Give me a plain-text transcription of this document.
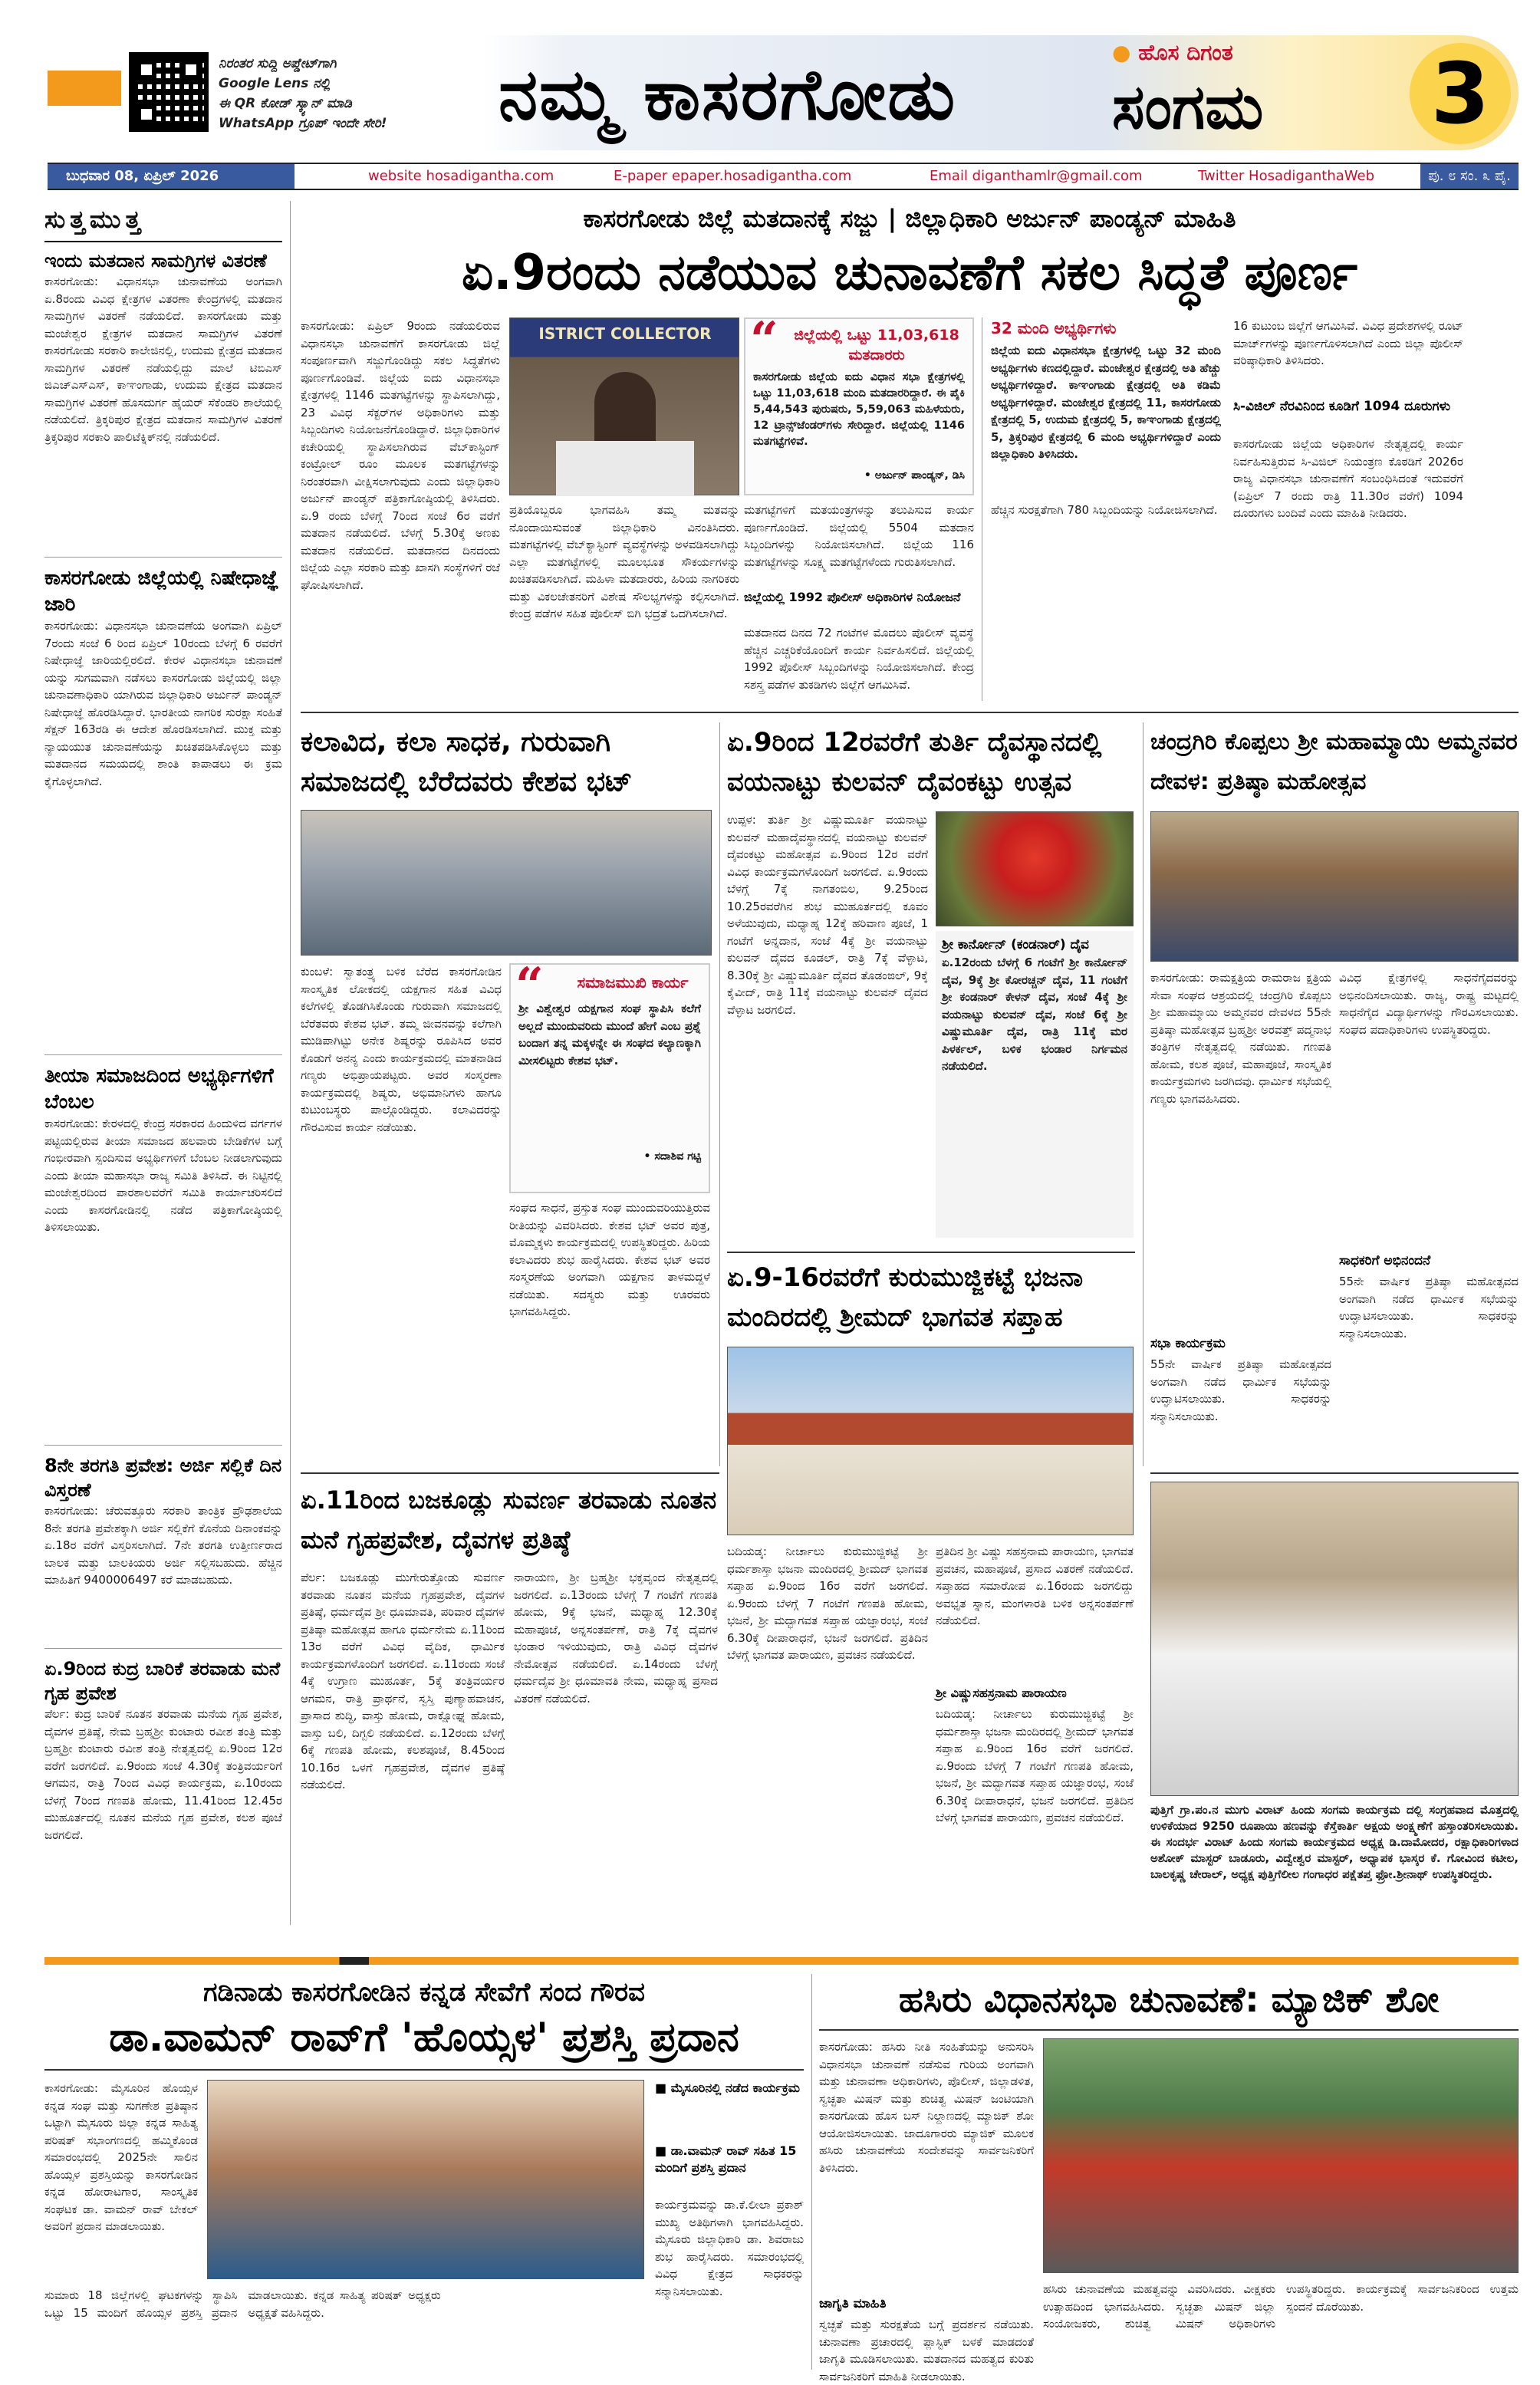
ನಿರಂತರ ಸುದ್ದಿ ಅಪ್ಡೇಟ್‌ಗಾಗಿ
Google Lens ನಲ್ಲಿ
ಈ QR ಕೋಡ್ ಸ್ಕ್ಯಾನ್ ಮಾಡಿ
WhatsApp ಗ್ರೂಪ್ ಇಂದೇ ಸೇರಿ!	ನಮ್ಮ ಕಾಸರಗೋಡು
● ಹೊಸ ದಿಗಂತ
ಸಂಗಮ 3
ಬುಧವಾರ 08, ಏಪ್ರಿಲ್ 2026	website hosadigantha.com	E-paper epaper.hosadigantha.com	Email diganthamlr@gmail.com	Twitter HosadiganthaWeb	ಪು. ೮ ಸಂ. ೩ ಪೈ.
ಸುತ್ತಮುತ್ತ
ಇಂದು ಮತದಾನ ಸಾಮಗ್ರಿಗಳ ವಿತರಣೆ
ಕಾಸರಗೋಡು: ವಿಧಾನಸಭಾ ಚುನಾವಣೆಯ ಅಂಗವಾಗಿ ಏ.8ರಂದು ವಿವಿಧ ಕ್ಷೇತ್ರಗಳ ವಿತರಣಾ ಕೇಂದ್ರಗಳಲ್ಲಿ ಮತದಾನ ಸಾಮಗ್ರಿಗಳ ವಿತರಣೆ ನಡೆಯಲಿದೆ. ಕಾಸರಗೋಡು ಮತ್ತು ಮಂಜೇಶ್ವರ ಕ್ಷೇತ್ರಗಳ ಮತದಾನ ಸಾಮಗ್ರಿಗಳ ವಿತರಣೆ ಕಾಸರಗೋಡು ಸರಕಾರಿ ಕಾಲೇಜಿನಲ್ಲಿ, ಉದುಮ ಕ್ಷೇತ್ರದ ಮತದಾನ ಸಾಮಗ್ರಿಗಳ ವಿತರಣೆ ನಡೆಯಲ್ಲಿದ್ದು ಮಾಲೆ ಟಿಬಿಎಸ್ ಜಿಎಚ್‌ಎಸ್‌ಎಸ್, ಕಾಞಂಗಾಡು, ಉದುಮ ಕ್ಷೇತ್ರದ ಮತದಾನ ಸಾಮಗ್ರಿಗಳ ವಿತರಣೆ ಹೊಸದುರ್ಗ ಹೈಯರ್ ಸೆಕೆಂಡರಿ ಶಾಲೆಯಲ್ಲಿ ನಡೆಯಲಿದೆ. ತ್ರಿಕ್ಕರಿಪುರ ಕ್ಷೇತ್ರದ ಮತದಾನ ಸಾಮಗ್ರಿಗಳ ವಿತರಣೆ ತ್ರಿಕ್ಕರಿಪುರ ಸರಕಾರಿ ಪಾಲಿಟೆಕ್ನಿಕ್‌ನಲ್ಲಿ ನಡೆಯಲಿದೆ.
ಕಾಸರಗೋಡು ಜಿಲ್ಲೆಯಲ್ಲಿ ನಿಷೇಧಾಜ್ಞೆ ಜಾರಿ
ಕಾಸರಗೋಡು: ವಿಧಾನಸಭಾ ಚುನಾವಣೆಯ ಅಂಗವಾಗಿ ಏಪ್ರಿಲ್ 7ರಂದು ಸಂಜೆ 6 ರಿಂದ ಏಪ್ರಿಲ್ 10ರಂದು ಬೆಳಗ್ಗೆ 6 ರವರೆಗೆ ನಿಷೇಧಾಜ್ಞೆ ಜಾರಿಯಲ್ಲಿರಲಿದೆ. ಕೇರಳ ವಿಧಾನಸಭಾ ಚುನಾವಣೆ ಯನ್ನು ಸುಗಮವಾಗಿ ನಡೆಸಲು ಕಾಸರಗೋಡು ಜಿಲ್ಲೆಯಲ್ಲಿ ಜಿಲ್ಲಾ ಚುನಾವಣಾಧಿಕಾರಿ ಯಾಗಿರುವ ಜಿಲ್ಲಾಧಿಕಾರಿ ಅರ್ಜುನ್ ಪಾಂಡ್ಯನ್ ನಿಷೇಧಾಜ್ಞೆ ಹೊರಡಿಸಿದ್ದಾರೆ. ಭಾರತೀಯ ನಾಗರಿಕ ಸುರಕ್ಷಾ ಸಂಹಿತೆ ಸೆಕ್ಷನ್ 163ರಡಿ ಈ ಆದೇಶ ಹೊರಡಿಸಲಾಗಿದೆ. ಮುಕ್ತ ಮತ್ತು ನ್ಯಾಯಯುತ ಚುನಾವಣೆಯನ್ನು ಖಚಿತಪಡಿಸಿಕೊಳ್ಳಲು ಮತ್ತು ಮತದಾನದ ಸಮಯದಲ್ಲಿ ಶಾಂತಿ ಕಾಪಾಡಲು ಈ ಕ್ರಮ ಕೈಗೊಳ್ಳಲಾಗಿದೆ.
ತೀಯಾ ಸಮಾಜದಿಂದ ಅಭ್ಯರ್ಥಿಗಳಿಗೆ ಬೆಂಬಲ
ಕಾಸರಗೋಡು: ಕೇರಳದಲ್ಲಿ ಕೇಂದ್ರ ಸರಕಾರದ ಹಿಂದುಳಿದ ವರ್ಗಗಳ ಪಟ್ಟಿಯಲ್ಲಿರುವ ತೀಯಾ ಸಮಾಜದ ಹಲವಾರು ಬೇಡಿಕೆಗಳ ಬಗ್ಗೆ ಗಂಭೀರವಾಗಿ ಸ್ಪಂದಿಸುವ ಅಭ್ಯರ್ಥಿಗಳಿಗೆ ಬೆಂಬಲ ನೀಡಲಾಗುವುದು ಎಂದು ತೀಯಾ ಮಹಾಸಭಾ ರಾಜ್ಯ ಸಮಿತಿ ತಿಳಿಸಿದೆ. ಈ ನಿಟ್ಟಿನಲ್ಲಿ ಮಂಜೇಶ್ವರದಿಂದ ಪಾರಶಾಲವರೆಗೆ ಸಮಿತಿ ಕಾರ್ಯಾಚರಿಸಲಿದೆ ಎಂದು ಕಾಸರಗೋಡಿನಲ್ಲಿ ನಡೆದ ಪತ್ರಿಕಾಗೋಷ್ಠಿಯಲ್ಲಿ ತಿಳಿಸಲಾಯಿತು.
8ನೇ ತರಗತಿ ಪ್ರವೇಶ: ಅರ್ಜಿ ಸಲ್ಲಿಕೆ ದಿನ ವಿಸ್ತರಣೆ
ಕಾಸರಗೋಡು: ಚೆರುವತ್ತೂರು ಸರಕಾರಿ ತಾಂತ್ರಿಕ ಪ್ರೌಢಶಾಲೆಯ 8ನೇ ತರಗತಿ ಪ್ರವೇಶಕ್ಕಾಗಿ ಅರ್ಜಿ ಸಲ್ಲಿಕೆಗೆ ಕೊನೆಯ ದಿನಾಂಕವನ್ನು ಏ.18ರ ವರೆಗೆ ವಿಸ್ತರಿಸಲಾಗಿದೆ. 7ನೇ ತರಗತಿ ಉತ್ತೀರ್ಣರಾದ ಬಾಲಕ ಮತ್ತು ಬಾಲಕಿಯರು ಅರ್ಜಿ ಸಲ್ಲಿಸಬಹುದು. ಹೆಚ್ಚಿನ ಮಾಹಿತಿಗೆ 9400006497 ಕರೆ ಮಾಡಬಹುದು.
ಏ.9ರಿಂದ ಕುದ್ರ ಬಾರಿಕೆ ತರವಾಡು ಮನೆ ಗೃಹ ಪ್ರವೇಶ
ಪೆರ್ಲ: ಕುದ್ರ ಬಾರಿಕೆ ನೂತನ ತರವಾಡು ಮನೆಯ ಗೃಹ ಪ್ರವೇಶ, ದೈವಗಳ ಪ್ರತಿಷ್ಠೆ, ನೇಮ ಬ್ರಹ್ಮಶ್ರೀ ಕುಂಟಾರು ರವೀಶ ತಂತ್ರಿ ಮತ್ತು ಬ್ರಹ್ಮಶ್ರೀ ಕುಂಟಾರು ರವೀಶ ತಂತ್ರಿ ನೇತೃತ್ವದಲ್ಲಿ ಏ.9ರಿಂದ 12ರ ವರೆಗೆ ಜರಗಲಿದೆ. ಏ.9ರಂದು ಸಂಜೆ 4.30ಕ್ಕೆ ತಂತ್ರಿವರ್ಯರಿಗೆ ಆಗಮನ, ರಾತ್ರಿ 7ರಿಂದ ವಿವಿಧ ಕಾರ್ಯಕ್ರಮ, ಏ.10ರಂದು ಬೆಳಗ್ಗೆ 7ರಿಂದ ಗಣಪತಿ ಹೋಮ, 11.41ರಿಂದ 12.45ರ ಮುಹೂರ್ತದಲ್ಲಿ ನೂತನ ಮನೆಯ ಗೃಹ ಪ್ರವೇಶ, ಕಲಶ ಪೂಜೆ ಜರಗಲಿದೆ.
ಕಾಸರಗೋಡು ಜಿಲ್ಲೆ ಮತದಾನಕ್ಕೆ ಸಜ್ಜು | ಜಿಲ್ಲಾಧಿಕಾರಿ ಅರ್ಜುನ್ ಪಾಂಡ್ಯನ್ ಮಾಹಿತಿ
ಏ.9ರಂದು ನಡೆಯುವ ಚುನಾವಣೆಗೆ ಸಕಲ ಸಿದ್ಧತೆ ಪೂರ್ಣ
ಕಾಸರಗೋಡು: ಏಪ್ರಿಲ್ 9ರಂದು ನಡೆಯಲಿರುವ ವಿಧಾನಸಭಾ ಚುನಾವಣೆಗೆ ಕಾಸರಗೋಡು ಜಿಲ್ಲೆ ಸಂಪೂರ್ಣವಾಗಿ ಸಜ್ಜುಗೊಂಡಿದ್ದು ಸಕಲ ಸಿದ್ಧತೆಗಳು ಪೂರ್ಣಗೊಂಡಿವೆ. ಜಿಲ್ಲೆಯ ಐದು ವಿಧಾನಸಭಾ ಕ್ಷೇತ್ರಗಳಲ್ಲಿ 1146 ಮತಗಟ್ಟೆಗಳನ್ನು ಸ್ಥಾಪಿಸಲಾಗಿದ್ದು, 23 ವಿವಿಧ ಸೆಕ್ಟರ್‌ಗಳ ಅಧಿಕಾರಿಗಳು ಮತ್ತು ಸಿಬ್ಬಂದಿಗಳು ನಿಯೋಜನೆಗೊಂಡಿದ್ದಾರೆ. ಜಿಲ್ಲಾಧಿಕಾರಿಗಳ ಕಚೇರಿಯಲ್ಲಿ ಸ್ಥಾಪಿಸಲಾಗಿರುವ ವೆಬ್‌ಕಾಸ್ಟಿಂಗ್ ಕಂಟ್ರೋಲ್ ರೂಂ ಮೂಲಕ ಮತಗಟ್ಟೆಗಳನ್ನು ನಿರಂತರವಾಗಿ ವೀಕ್ಷಿಸಲಾಗುವುದು ಎಂದು ಜಿಲ್ಲಾಧಿಕಾರಿ ಅರ್ಜುನ್ ಪಾಂಡ್ಯನ್ ಪತ್ರಿಕಾಗೋಷ್ಠಿಯಲ್ಲಿ ತಿಳಿಸಿದರು. ಏ.9 ರಂದು ಬೆಳಗ್ಗೆ 7ರಿಂದ ಸಂಜೆ 6ರ ವರೆಗೆ ಮತದಾನ ನಡೆಯಲಿದೆ. ಬೆಳಗ್ಗೆ 5.30ಕ್ಕೆ ಅಣಕು ಮತದಾನ ನಡೆಯಲಿದೆ. ಮತದಾನದ ದಿನದಂದು ಜಿಲ್ಲೆಯ ಎಲ್ಲಾ ಸರಕಾರಿ ಮತ್ತು ಖಾಸಗಿ ಸಂಸ್ಥೆಗಳಿಗೆ ರಜೆ ಘೋಷಿಸಲಾಗಿದೆ.
ISTRICT COLLECTOR “	ಜಿಲ್ಲೆಯಲ್ಲಿ ಒಟ್ಟು 11,03,618 ಮತದಾರರು
ಕಾಸರಗೋಡು ಜಿಲ್ಲೆಯ ಐದು ವಿಧಾನ ಸಭಾ ಕ್ಷೇತ್ರಗಳಲ್ಲಿ ಒಟ್ಟು 11,03,618 ಮಂದಿ ಮತದಾರರಿದ್ದಾರೆ. ಈ ಪೈಕಿ 5,44,543 ಪುರುಷರು, 5,59,063 ಮಹಿಳೆಯರು, 12 ಟ್ರಾನ್ಸ್‌ಜೆಂಡರ್‌ಗಳು ಸೇರಿದ್ದಾರೆ. ಜಿಲ್ಲೆಯಲ್ಲಿ 1146 ಮತಗಟ್ಟೆಗಳಿವೆ.
• ಅರ್ಜುನ್ ಪಾಂಡ್ಯನ್, ಡಿಸಿ
ಪ್ರತಿಯೊಬ್ಬರೂ ಭಾಗವಹಿಸಿ ತಮ್ಮ ಮತವನ್ನು ನೊಂದಾಯಿಸುವಂತೆ ಜಿಲ್ಲಾಧಿಕಾರಿ ವಿನಂತಿಸಿದರು. ಮತಗಟ್ಟೆಗಳಲ್ಲಿ ವೆಬ್‌ಕ್ಯಾಸ್ಟಿಂಗ್ ವ್ಯವಸ್ಥೆಗಳನ್ನು ಅಳವಡಿಸಲಾಗಿದ್ದು ಎಲ್ಲಾ ಮತಗಟ್ಟೆಗಳಲ್ಲಿ ಮೂಲಭೂತ ಸೌಕರ್ಯಗಳನ್ನು ಖಚಿತಪಡಿಸಲಾಗಿದೆ. ಮಹಿಳಾ ಮತದಾರರು, ಹಿರಿಯ ನಾಗರಿಕರು ಮತ್ತು ವಿಕಲಚೇತನರಿಗೆ ವಿಶೇಷ ಸೌಲಭ್ಯಗಳನ್ನು ಕಲ್ಪಿಸಲಾಗಿದೆ. ಕೇಂದ್ರ ಪಡೆಗಳ ಸಹಿತ ಪೊಲೀಸ್ ಬಿಗಿ ಭದ್ರತೆ ಒದಗಿಸಲಾಗಿದೆ.
ಮತಗಟ್ಟೆಗಳಿಗೆ ಮತಯಂತ್ರಗಳನ್ನು ತಲುಪಿಸುವ ಕಾರ್ಯ ಪೂರ್ಣಗೊಂಡಿದೆ. ಜಿಲ್ಲೆಯಲ್ಲಿ 5504 ಮತದಾನ ಸಿಬ್ಬಂದಿಗಳನ್ನು ನಿಯೋಜಿಸಲಾಗಿದೆ. ಜಿಲ್ಲೆಯ 116 ಮತಗಟ್ಟೆಗಳನ್ನು ಸೂಕ್ಷ್ಮ ಮತಗಟ್ಟೆಗಳೆಂದು ಗುರುತಿಸಲಾಗಿದೆ.
ಜಿಲ್ಲೆಯಲ್ಲಿ 1992 ಪೊಲೀಸ್ ಅಧಿಕಾರಿಗಳ ನಿಯೋಜನೆ
ಮತದಾನದ ದಿನದ 72 ಗಂಟೆಗಳ ಮೊದಲು ಪೊಲೀಸ್ ವ್ಯವಸ್ಥೆ ಹೆಚ್ಚಿನ ಎಚ್ಚರಿಕೆಯೊಂದಿಗೆ ಕಾರ್ಯ ನಿರ್ವಹಿಸಲಿದೆ. ಜಿಲ್ಲೆಯಲ್ಲಿ 1992 ಪೊಲೀಸ್ ಸಿಬ್ಬಂದಿಗಳನ್ನು ನಿಯೋಜಿಸಲಾಗಿದೆ. ಕೇಂದ್ರ ಸಶಸ್ತ್ರ ಪಡೆಗಳ ತುಕಡಿಗಳು ಜಿಲ್ಲೆಗೆ ಆಗಮಿಸಿವೆ.
32 ಮಂದಿ ಅಭ್ಯರ್ಥಿಗಳು
ಜಿಲ್ಲೆಯ ಐದು ವಿಧಾನಸಭಾ ಕ್ಷೇತ್ರಗಳಲ್ಲಿ ಒಟ್ಟು 32 ಮಂದಿ ಅಭ್ಯರ್ಥಿಗಳು ಕಣದಲ್ಲಿದ್ದಾರೆ. ಮಂಜೇಶ್ವರ ಕ್ಷೇತ್ರದಲ್ಲಿ ಅತಿ ಹೆಚ್ಚು ಅಭ್ಯರ್ಥಿಗಳಿದ್ದಾರೆ. ಕಾಞಂಗಾಡು ಕ್ಷೇತ್ರದಲ್ಲಿ ಅತಿ ಕಡಿಮೆ ಅಭ್ಯರ್ಥಿಗಳಿದ್ದಾರೆ. ಮಂಜೇಶ್ವರ ಕ್ಷೇತ್ರದಲ್ಲಿ 11, ಕಾಸರಗೋಡು ಕ್ಷೇತ್ರದಲ್ಲಿ 5, ಉದುಮ ಕ್ಷೇತ್ರದಲ್ಲಿ 5, ಕಾಞಂಗಾಡು ಕ್ಷೇತ್ರದಲ್ಲಿ 5, ತ್ರಿಕ್ಕರಿಪುರ ಕ್ಷೇತ್ರದಲ್ಲಿ 6 ಮಂದಿ ಅಭ್ಯರ್ಥಿಗಳಿದ್ದಾರೆ ಎಂದು ಜಿಲ್ಲಾಧಿಕಾರಿ ತಿಳಿಸಿದರು.
ಹೆಚ್ಚಿನ ಸುರಕ್ಷತೆಗಾಗಿ 780 ಸಿಬ್ಬಂದಿಯನ್ನು ನಿಯೋಜಿಸಲಾಗಿದೆ.
16 ಕುಟುಂಬ ಜಿಲ್ಲೆಗೆ ಆಗಮಿಸಿವೆ. ವಿವಿಧ ಪ್ರದೇಶಗಳಲ್ಲಿ ರೂಟ್ ಮಾರ್ಚ್‌ಗಳನ್ನು ಪೂರ್ಣಗೊಳಿಸಲಾಗಿದೆ ಎಂದು ಜಿಲ್ಲಾ ಪೊಲೀಸ್ ವರಿಷ್ಠಾಧಿಕಾರಿ ತಿಳಿಸಿದರು.
ಸಿ-ವಿಜಿಲ್ ನೆರವಿನಿಂದ ಕೂಡಿಗೆ 1094 ದೂರುಗಳು
ಕಾಸರಗೋಡು ಜಿಲ್ಲೆಯ ಅಧಿಕಾರಿಗಳ ನೇತೃತ್ವದಲ್ಲಿ ಕಾರ್ಯ ನಿರ್ವಹಿಸುತ್ತಿರುವ ಸಿ-ವಿಜಿಲ್ ನಿಯಂತ್ರಣ ಕೊಠಡಿಗೆ 2026ರ ರಾಜ್ಯ ವಿಧಾನಸಭಾ ಚುನಾವಣೆಗೆ ಸಂಬಂಧಿಸಿದಂತೆ ಇದುವರೆಗೆ (ಏಪ್ರಿಲ್ 7 ರಂದು ರಾತ್ರಿ 11.30ರ ವರೆಗೆ) 1094 ದೂರುಗಳು ಬಂದಿವೆ ಎಂದು ಮಾಹಿತಿ ನೀಡಿದರು.
ಕಲಾವಿದ, ಕಲಾ ಸಾಧಕ, ಗುರುವಾಗಿ ಸಮಾಜದಲ್ಲಿ ಬೆರೆದವರು ಕೇಶವ ಭಟ್
ಕುಂಬಳೆ: ಸ್ವಾತಂತ್ರ್ಯ ಬಳಿಕ ಬೆರೆದ ಕಾಸರಗೋಡಿನ ಸಾಂಸ್ಕೃತಿಕ ಲೋಕದಲ್ಲಿ ಯಕ್ಷಗಾನ ಸಹಿತ ವಿವಿಧ ಕಲೆಗಳಲ್ಲಿ ತೊಡಗಿಸಿಕೊಂಡು ಗುರುವಾಗಿ ಸಮಾಜದಲ್ಲಿ ಬೆರೆತವರು ಕೇಶವ ಭಟ್. ತಮ್ಮ ಜೀವನವನ್ನು ಕಲೆಗಾಗಿ ಮುಡಿಪಾಗಿಟ್ಟು ಅನೇಕ ಶಿಷ್ಯರನ್ನು ರೂಪಿಸಿದ ಅವರ ಕೊಡುಗೆ ಅನನ್ಯ ಎಂದು ಕಾರ್ಯಕ್ರಮದಲ್ಲಿ ಮಾತನಾಡಿದ ಗಣ್ಯರು ಅಭಿಪ್ರಾಯಪಟ್ಟರು. ಅವರ ಸಂಸ್ಮರಣಾ ಕಾರ್ಯಕ್ರಮದಲ್ಲಿ ಶಿಷ್ಯರು, ಅಭಿಮಾನಿಗಳು ಹಾಗೂ ಕುಟುಂಬಸ್ಥರು ಪಾಲ್ಗೊಂಡಿದ್ದರು. ಕಲಾವಿದರನ್ನು ಗೌರವಿಸುವ ಕಾರ್ಯ ನಡೆಯಿತು.
“	ಸಮಾಜಮುಖಿ ಕಾರ್ಯ
ಶ್ರೀ ವಿಶ್ವೇಶ್ವರ ಯಕ್ಷಗಾನ ಸಂಘ ಸ್ಥಾಪಿಸಿ ಕಲೆಗೆ ಅಲ್ಲದೆ ಮುಂದುವರಿದು ಮುಂದೆ ಹೇಗೆ ಎಂಬ ಪ್ರಶ್ನೆ ಬಂದಾಗ ತನ್ನ ಮಕ್ಕಳನ್ನೇ ಈ ಸಂಘದ ಕಲ್ಯಾಣಕ್ಕಾಗಿ ಮೀಸಲಿಟ್ಟರು ಕೇಶವ ಭಟ್.
• ಸದಾಶಿವ ಗಟ್ಟಿ
ಸಂಘದ ಸಾಧನೆ, ಪ್ರಸ್ತುತ ಸಂಘ ಮುಂದುವರಿಯುತ್ತಿರುವ ರೀತಿಯನ್ನು ವಿವರಿಸಿದರು. ಕೇಶವ ಭಟ್ ಅವರ ಪುತ್ರ, ಮೊಮ್ಮಕ್ಕಳು ಕಾರ್ಯಕ್ರಮದಲ್ಲಿ ಉಪಸ್ಥಿತರಿದ್ದರು. ಹಿರಿಯ ಕಲಾವಿದರು ಶುಭ ಹಾರೈಸಿದರು. ಕೇಶವ ಭಟ್ ಅವರ ಸಂಸ್ಮರಣೆಯ ಅಂಗವಾಗಿ ಯಕ್ಷಗಾನ ತಾಳಮದ್ದಳೆ ನಡೆಯಿತು. ಸದಸ್ಯರು ಮತ್ತು ಊರವರು ಭಾಗವಹಿಸಿದ್ದರು.
ಏ.9ರಿಂದ 12ರವರೆಗೆ ತುರ್ತಿ ದೈವಸ್ಥಾನದಲ್ಲಿ ವಯನಾಟ್ಟು ಕುಲವನ್ ದೈವಂಕಟ್ಟು ಉತ್ಸವ
ಉಪ್ಪಳ: ತುರ್ತಿ ಶ್ರೀ ವಿಷ್ಣುಮೂರ್ತಿ ವಯನಾಟ್ಟು ಕುಲವನ್ ಮಹಾದೈವಸ್ಥಾನದಲ್ಲಿ ವಯನಾಟ್ಟು ಕುಲವನ್ ದೈವಂಕಟ್ಟು ಮಹೋತ್ಸವ ಏ.9ರಿಂದ 12ರ ವರೆಗೆ ವಿವಿಧ ಕಾರ್ಯಕ್ರಮಗಳೊಂದಿಗೆ ಜರಗಲಿದೆ. ಏ.9ರಂದು ಬೆಳಗ್ಗೆ 7ಕ್ಕೆ ನಾಗತಂಬಿಲ, 9.25ರಿಂದ 10.25ರವರೆಗಿನ ಶುಭ ಮುಹೂರ್ತದಲ್ಲಿ ಕೂವಂ ಅಳೆಯುವುದು, ಮಧ್ಯಾಹ್ನ 12ಕ್ಕೆ ಹರಿವಾಣ ಪೂಜೆ, 1 ಗಂಟೆಗೆ ಅನ್ನದಾನ, ಸಂಜೆ 4ಕ್ಕೆ ಶ್ರೀ ವಯನಾಟ್ಟು ಕುಲವನ್ ದೈವದ ಕೂಡಲ್, ರಾತ್ರಿ 7ಕ್ಕೆ ವೆಳ್ಳಾಟ, 8.30ಕ್ಕೆ ಶ್ರೀ ವಿಷ್ಣುಮೂರ್ತಿ ದೈವದ ತೊಡಂಙಲ್, 9ಕ್ಕೆ ಕೈವೀದ್, ರಾತ್ರಿ 11ಕ್ಕೆ ವಯನಾಟ್ಟು ಕುಲವನ್ ದೈವದ ವೆಳ್ಳಾಟ ಜರಗಲಿದೆ.
ಶ್ರೀ ಕಾರ್ನೋನ್ (ಕಂಡನಾರ್) ದೈವ
ಏ.12ರಂದು ಬೆಳಗ್ಗೆ 6 ಗಂಟೆಗೆ ಶ್ರೀ ಕಾರ್ನೋನ್ ದೈವ, 9ಕ್ಕೆ ಶ್ರೀ ಕೋರಚ್ಚನ್ ದೈವ, 11 ಗಂಟೆಗೆ ಶ್ರೀ ಕಂಡನಾರ್ ಕೇಳನ್ ದೈವ, ಸಂಜೆ 4ಕ್ಕೆ ಶ್ರೀ ವಯನಾಟ್ಟು ಕುಲವನ್ ದೈವ, ಸಂಜೆ 6ಕ್ಕೆ ಶ್ರೀ ವಿಷ್ಣುಮೂರ್ತಿ ದೈವ, ರಾತ್ರಿ 11ಕ್ಕೆ ಮರ ಪಿಳರ್ಕಲ್, ಬಳಿಕ ಭಂಡಾರ ನಿರ್ಗಮನ ನಡೆಯಲಿದೆ.
ಏ.9-16ರವರೆಗೆ ಕುರುಮುಜ್ಜಿಕಟ್ಟೆ ಭಜನಾ ಮಂದಿರದಲ್ಲಿ ಶ್ರೀಮದ್ ಭಾಗವತ ಸಪ್ತಾಹ
ಬದಿಯಡ್ಕ: ನೀರ್ಚಾಲು ಕುರುಮುಜ್ಜಿಕಟ್ಟೆ ಶ್ರೀ ಧರ್ಮಶಾಸ್ತಾ ಭಜನಾ ಮಂದಿರದಲ್ಲಿ ಶ್ರೀಮದ್ ಭಾಗವತ ಸಪ್ತಾಹ ಏ.9ರಿಂದ 16ರ ವರೆಗೆ ಜರಗಲಿದೆ. ಏ.9ರಂದು ಬೆಳಗ್ಗೆ 7 ಗಂಟೆಗೆ ಗಣಪತಿ ಹೋಮ, ಭಜನೆ, ಶ್ರೀ ಮದ್ಭಾಗವತ ಸಪ್ತಾಹ ಯಜ್ಞಾರಂಭ, ಸಂಜೆ 6.30ಕ್ಕೆ ದೀಪಾರಾಧನೆ, ಭಜನೆ ಜರಗಲಿದೆ. ಪ್ರತಿದಿನ ಬೆಳಗ್ಗೆ ಭಾಗವತ ಪಾರಾಯಣ, ಪ್ರವಚನ ನಡೆಯಲಿದೆ.
ಪ್ರತಿದಿನ ಶ್ರೀ ವಿಷ್ಣು ಸಹಸ್ರನಾಮ ಪಾರಾಯಣ, ಭಾಗವತ ಪ್ರವಚನ, ಮಹಾಪೂಜೆ, ಪ್ರಸಾದ ವಿತರಣೆ ನಡೆಯಲಿದೆ. ಸಪ್ತಾಹದ ಸಮಾರೋಪ ಏ.16ರಂದು ಜರಗಲಿದ್ದು ಅವಭೃತ ಸ್ನಾನ, ಮಂಗಳಾರತಿ ಬಳಿಕ ಅನ್ನಸಂತರ್ಪಣೆ ನಡೆಯಲಿದೆ.
ಶ್ರೀ ವಿಷ್ಣುಸಹಸ್ರನಾಮ ಪಾರಾಯಣ
ಬದಿಯಡ್ಕ: ನೀರ್ಚಾಲು ಕುರುಮುಜ್ಜಿಕಟ್ಟೆ ಶ್ರೀ ಧರ್ಮಶಾಸ್ತಾ ಭಜನಾ ಮಂದಿರದಲ್ಲಿ ಶ್ರೀಮದ್ ಭಾಗವತ ಸಪ್ತಾಹ ಏ.9ರಿಂದ 16ರ ವರೆಗೆ ಜರಗಲಿದೆ. ಏ.9ರಂದು ಬೆಳಗ್ಗೆ 7 ಗಂಟೆಗೆ ಗಣಪತಿ ಹೋಮ, ಭಜನೆ, ಶ್ರೀ ಮದ್ಭಾಗವತ ಸಪ್ತಾಹ ಯಜ್ಞಾರಂಭ, ಸಂಜೆ 6.30ಕ್ಕೆ ದೀಪಾರಾಧನೆ, ಭಜನೆ ಜರಗಲಿದೆ. ಪ್ರತಿದಿನ ಬೆಳಗ್ಗೆ ಭಾಗವತ ಪಾರಾಯಣ, ಪ್ರವಚನ ನಡೆಯಲಿದೆ.
ಚಂದ್ರಗಿರಿ ಕೊಪ್ಪಲು ಶ್ರೀ ಮಹಾಮ್ಮಾಯಿ ಅಮ್ಮನವರ ದೇವಳ: ಪ್ರತಿಷ್ಠಾ ಮಹೋತ್ಸವ
ಕಾಸರಗೋಡು: ರಾಮಕ್ಷತ್ರಿಯ ರಾಮರಾಜ ಕ್ಷತ್ರಿಯ ಸೇವಾ ಸಂಘದ ಆಶ್ರಯದಲ್ಲಿ ಚಂದ್ರಗಿರಿ ಕೊಪ್ಪಲು ಶ್ರೀ ಮಹಾಮ್ಮಾಯಿ ಅಮ್ಮನವರ ದೇವಳದ 55ನೇ ಪ್ರತಿಷ್ಠಾ ಮಹೋತ್ಸವ ಬ್ರಹ್ಮಶ್ರೀ ಅರವತ್ತ್ ಪದ್ಮನಾಭ ತಂತ್ರಿಗಳ ನೇತೃತ್ವದಲ್ಲಿ ನಡೆಯಿತು. ಗಣಪತಿ ಹೋಮ, ಕಲಶ ಪೂಜೆ, ಮಹಾಪೂಜೆ, ಸಾಂಸ್ಕೃತಿಕ ಕಾರ್ಯಕ್ರಮಗಳು ಜರಗಿದವು. ಧಾರ್ಮಿಕ ಸಭೆಯಲ್ಲಿ ಗಣ್ಯರು ಭಾಗವಹಿಸಿದರು.
ಸಭಾ ಕಾರ್ಯಕ್ರಮ
55ನೇ ವಾರ್ಷಿಕ ಪ್ರತಿಷ್ಠಾ ಮಹೋತ್ಸವದ ಅಂಗವಾಗಿ ನಡೆದ ಧಾರ್ಮಿಕ ಸಭೆಯನ್ನು ಉದ್ಘಾಟಿಸಲಾಯಿತು. ಸಾಧಕರನ್ನು ಸನ್ಮಾನಿಸಲಾಯಿತು.
ವಿವಿಧ ಕ್ಷೇತ್ರಗಳಲ್ಲಿ ಸಾಧನೆಗೈದವರನ್ನು ಅಭಿನಂದಿಸಲಾಯಿತು. ರಾಜ್ಯ, ರಾಷ್ಟ್ರ ಮಟ್ಟದಲ್ಲಿ ಸಾಧನೆಗೈದ ವಿದ್ಯಾರ್ಥಿಗಳನ್ನು ಗೌರವಿಸಲಾಯಿತು. ಸಂಘದ ಪದಾಧಿಕಾರಿಗಳು ಉಪಸ್ಥಿತರಿದ್ದರು.
ಸಾಧಕರಿಗೆ ಅಭಿನಂದನೆ
55ನೇ ವಾರ್ಷಿಕ ಪ್ರತಿಷ್ಠಾ ಮಹೋತ್ಸವದ ಅಂಗವಾಗಿ ನಡೆದ ಧಾರ್ಮಿಕ ಸಭೆಯನ್ನು ಉದ್ಘಾಟಿಸಲಾಯಿತು. ಸಾಧಕರನ್ನು ಸನ್ಮಾನಿಸಲಾಯಿತು.
ಏ.11ರಿಂದ ಬಜಕೂಡ್ಲು ಸುವರ್ಣ ತರವಾಡು ನೂತನ ಮನೆ ಗೃಹಪ್ರವೇಶ, ದೈವಗಳ ಪ್ರತಿಷ್ಠೆ
ಪೆರ್ಲ: ಬಜಕೂಡ್ಲು ಮುಗೇರುತ್ತೋಡು ಸುವರ್ಣ ತರವಾಡು ನೂತನ ಮನೆಯ ಗೃಹಪ್ರವೇಶ, ದೈವಗಳ ಪ್ರತಿಷ್ಠೆ, ಧರ್ಮದೈವ ಶ್ರೀ ಧೂಮಾವತಿ, ಪರಿವಾರ ದೈವಗಳ ಪ್ರತಿಷ್ಠಾ ಮಹೋತ್ಸವ ಹಾಗೂ ಧರ್ಮನೇಮ ಏ.11ರಿಂದ 13ರ ವರೆಗೆ ವಿವಿಧ ವೈದಿಕ, ಧಾರ್ಮಿಕ ಕಾರ್ಯಕ್ರಮಗಳೊಂದಿಗೆ ಜರಗಲಿದೆ. ಏ.11ರಂದು ಸಂಜೆ 4ಕ್ಕೆ ಉಗ್ರಾಣ ಮುಹೂರ್ತ, 5ಕ್ಕೆ ತಂತ್ರಿವರ್ಯರ ಆಗಮನ, ರಾತ್ರಿ ಪ್ರಾರ್ಥನೆ, ಸ್ವಸ್ತಿ ಪುಣ್ಯಾಹವಾಚನ, ಪ್ರಾಸಾದ ಶುದ್ಧಿ, ವಾಸ್ತು ಹೋಮ, ರಾಕ್ಷೋಘ್ನ ಹೋಮ, ವಾಸ್ತು ಬಲಿ, ದಿಗ್ಬಲಿ ನಡೆಯಲಿದೆ. ಏ.12ರಂದು ಬೆಳಗ್ಗೆ 6ಕ್ಕೆ ಗಣಪತಿ ಹೋಮ, ಕಲಶಪೂಜೆ, 8.45ರಿಂದ 10.16ರ ಒಳಗೆ ಗೃಹಪ್ರವೇಶ, ದೈವಗಳ ಪ್ರತಿಷ್ಠೆ ನಡೆಯಲಿದೆ.
ನಾರಾಯಣ, ಶ್ರೀ ಬ್ರಹ್ಮಶ್ರೀ ಭಕ್ತವೃಂದ ನೇತೃತ್ವದಲ್ಲಿ ಜರಗಲಿದೆ. ಏ.13ರಂದು ಬೆಳಗ್ಗೆ 7 ಗಂಟೆಗೆ ಗಣಪತಿ ಹೋಮ, 9ಕ್ಕೆ ಭಜನೆ, ಮಧ್ಯಾಹ್ನ 12.30ಕ್ಕೆ ಮಹಾಪೂಜೆ, ಅನ್ನಸಂತರ್ಪಣೆ, ರಾತ್ರಿ 7ಕ್ಕೆ ದೈವಗಳ ಭಂಡಾರ ಇಳಿಯುವುದು, ರಾತ್ರಿ ವಿವಿಧ ದೈವಗಳ ನೇಮೋತ್ಸವ ನಡೆಯಲಿದೆ. ಏ.14ರಂದು ಬೆಳಗ್ಗೆ ಧರ್ಮದೈವ ಶ್ರೀ ಧೂಮಾವತಿ ನೇಮ, ಮಧ್ಯಾಹ್ನ ಪ್ರಸಾದ ವಿತರಣೆ ನಡೆಯಲಿದೆ.
ಪುತ್ತಿಗೆ ಗ್ರಾ.ಪಂ.ನ ಮುಗು ವಿರಾಟ್ ಹಿಂದು ಸಂಗಮ ಕಾರ್ಯಕ್ರಮ ದಲ್ಲಿ ಸಂಗ್ರಹವಾದ ಮೊತ್ತದಲ್ಲಿ ಉಳಿಕೆಯಾದ 9250 ರೂಪಾಯಿ ಹಣವನ್ನು ಕೆಸ್ತೆಕಾರ್ತಿ ಅಕ್ಷಯ ಅಂಕ್ಷ್ಮಣೆಗೆ ಹಸ್ತಾಂತರಿಸಲಾಯಿತು. ಈ ಸಂದರ್ಭ ವಿರಾಟ್ ಹಿಂದು ಸಂಗಮ ಕಾರ್ಯಕ್ರಮದ ಅಧ್ಯಕ್ಷ ಡಿ.ದಾಮೋದರ, ರಕ್ಷಾಧಿಕಾರಿಗಳಾದ ಅಶೋಕ್ ಮಾಸ್ಟರ್ ಬಾಡೂರು, ವಿದ್ವೇಶ್ವರ ಮಾಸ್ಟರ್, ಅಧ್ಯಾಪಕ ಭಾಸ್ಕರ ಕೆ. ಗೋವಿಂದ ಕಟೀಲ, ಬಾಲಕೃಷ್ಣ ಚೇರಾಲ್, ಅಧ್ಯಕ್ಷ ಪುತ್ತಿಗೆಲೀಲ ಗಂಗಾಧರ ಪಕ್ಷೆತಪ್ತ ಫ್ರೋ.ಶ್ರೀನಾಥ್ ಉಪಸ್ಥಿತರಿದ್ದರು.
ಗಡಿನಾಡು ಕಾಸರಗೋಡಿನ ಕನ್ನಡ ಸೇವೆಗೆ ಸಂದ ಗೌರವ
ಡಾ.ವಾಮನ್ ರಾವ್‌ಗೆ 'ಹೊಯ್ಸಳ' ಪ್ರಶಸ್ತಿ ಪ್ರದಾನ
ಕಾಸರಗೋಡು: ಮೈಸೂರಿನ ಹೊಯ್ಸಳ ಕನ್ನಡ ಸಂಘ ಮತ್ತು ಸುಗಣೇಶ ಪ್ರತಿಷ್ಠಾನ ಒಟ್ಟಾಗಿ ಮೈಸೂರು ಜಿಲ್ಲಾ ಕನ್ನಡ ಸಾಹಿತ್ಯ ಪರಿಷತ್ ಸಭಾಂಗಣದಲ್ಲಿ ಹಮ್ಮಿಕೊಂಡ ಸಮಾರಂಭದಲ್ಲಿ 2025ನೇ ಸಾಲಿನ ಹೊಯ್ಸಳ ಪ್ರಶಸ್ತಿಯನ್ನು ಕಾಸರಗೋಡಿನ ಕನ್ನಡ ಹೋರಾಟಗಾರ, ಸಾಂಸ್ಕೃತಿಕ ಸಂಘಟಕ ಡಾ. ವಾಮನ್ ರಾವ್ ಬೇಕಲ್ ಅವರಿಗೆ ಪ್ರದಾನ ಮಾಡಲಾಯಿತು.
■ ಮೈಸೂರಿನಲ್ಲಿ ನಡೆದ ಕಾರ್ಯಕ್ರಮ
■ ಡಾ.ವಾಮನ್ ರಾವ್ ಸಹಿತ 15 ಮಂದಿಗೆ ಪ್ರಶಸ್ತಿ ಪ್ರದಾನ
ಕಾರ್ಯಕ್ರಮವನ್ನು ಡಾ.ಕೆ.ಲೀಲಾ ಪ್ರಕಾಶ್ ಮುಖ್ಯ ಅತಿಥಿಗಳಾಗಿ ಭಾಗವಹಿಸಿದ್ದರು. ಮೈಸೂರು ಜಿಲ್ಲಾಧಿಕಾರಿ ಡಾ. ಶಿವರಾಜು ಶುಭ ಹಾರೈಸಿದರು. ಸಮಾರಂಭದಲ್ಲಿ ವಿವಿಧ ಕ್ಷೇತ್ರದ ಸಾಧಕರನ್ನು ಸನ್ಮಾನಿಸಲಾಯಿತು.
ಸುಮಾರು 18 ಜಿಲ್ಲೆಗಳಲ್ಲಿ ಘಟಕಗಳನ್ನು ಸ್ಥಾಪಿಸಿ ಒಟ್ಟು 15 ಮಂದಿಗೆ ಹೊಯ್ಸಳ ಪ್ರಶಸ್ತಿ ಪ್ರದಾನ ಮಾಡಲಾಯಿತು. ಕನ್ನಡ ಸಾಹಿತ್ಯ ಪರಿಷತ್ ಅಧ್ಯಕ್ಷರು ಅಧ್ಯಕ್ಷತೆ ವಹಿಸಿದ್ದರು.
ಹಸಿರು ವಿಧಾನಸಭಾ ಚುನಾವಣೆ: ಮ್ಯಾಜಿಕ್ ಶೋ
ಕಾಸರಗೋಡು: ಹಸಿರು ನೀತಿ ಸಂಹಿತೆಯನ್ನು ಅನುಸರಿಸಿ ವಿಧಾನಸಭಾ ಚುನಾವಣೆ ನಡೆಸುವ ಗುರಿಯ ಅಂಗವಾಗಿ ಮತ್ತು ಚುನಾವಣಾ ಅಧಿಕಾರಿಗಳು, ಪೊಲೀಸ್, ಜಿಲ್ಲಾಡಳಿತ, ಸ್ವಚ್ಛತಾ ಮಿಷನ್ ಮತ್ತು ಶುಚಿತ್ವ ಮಿಷನ್ ಜಂಟಿಯಾಗಿ ಕಾಸರಗೋಡು ಹೊಸ ಬಸ್ ನಿಲ್ದಾಣದಲ್ಲಿ ಮ್ಯಾಜಿಕ್ ಶೋ ಆಯೋಜಿಸಲಾಯಿತು. ಜಾದೂಗಾರರು ಮ್ಯಾಜಿಕ್ ಮೂಲಕ ಹಸಿರು ಚುನಾವಣೆಯ ಸಂದೇಶವನ್ನು ಸಾರ್ವಜನಿಕರಿಗೆ ತಿಳಿಸಿದರು.
ಜಾಗೃತಿ ಮಾಹಿತಿ
ಸ್ವಚ್ಛತೆ ಮತ್ತು ಸುರಕ್ಷತೆಯ ಬಗ್ಗೆ ಪ್ರದರ್ಶನ ನಡೆಯಿತು. ಚುನಾವಣಾ ಪ್ರಚಾರದಲ್ಲಿ ಪ್ಲಾಸ್ಟಿಕ್ ಬಳಕೆ ಮಾಡದಂತೆ ಜಾಗೃತಿ ಮೂಡಿಸಲಾಯಿತು. ಮತದಾನದ ಮಹತ್ವದ ಕುರಿತು ಸಾರ್ವಜನಿಕರಿಗೆ ಮಾಹಿತಿ ನೀಡಲಾಯಿತು.
ಹಸಿರು ಚುನಾವಣೆಯ ಮಹತ್ವವನ್ನು ವಿವರಿಸಿದರು. ವೀಕ್ಷಕರು ಉತ್ಸಾಹದಿಂದ ಭಾಗವಹಿಸಿದರು. ಸ್ವಚ್ಛತಾ ಮಿಷನ್ ಜಿಲ್ಲಾ ಸಂಯೋಜಕರು, ಶುಚಿತ್ವ ಮಿಷನ್ ಅಧಿಕಾರಿಗಳು ಉಪಸ್ಥಿತರಿದ್ದರು. ಕಾರ್ಯಕ್ರಮಕ್ಕೆ ಸಾರ್ವಜನಿಕರಿಂದ ಉತ್ತಮ ಸ್ಪಂದನೆ ದೊರೆಯಿತು.
